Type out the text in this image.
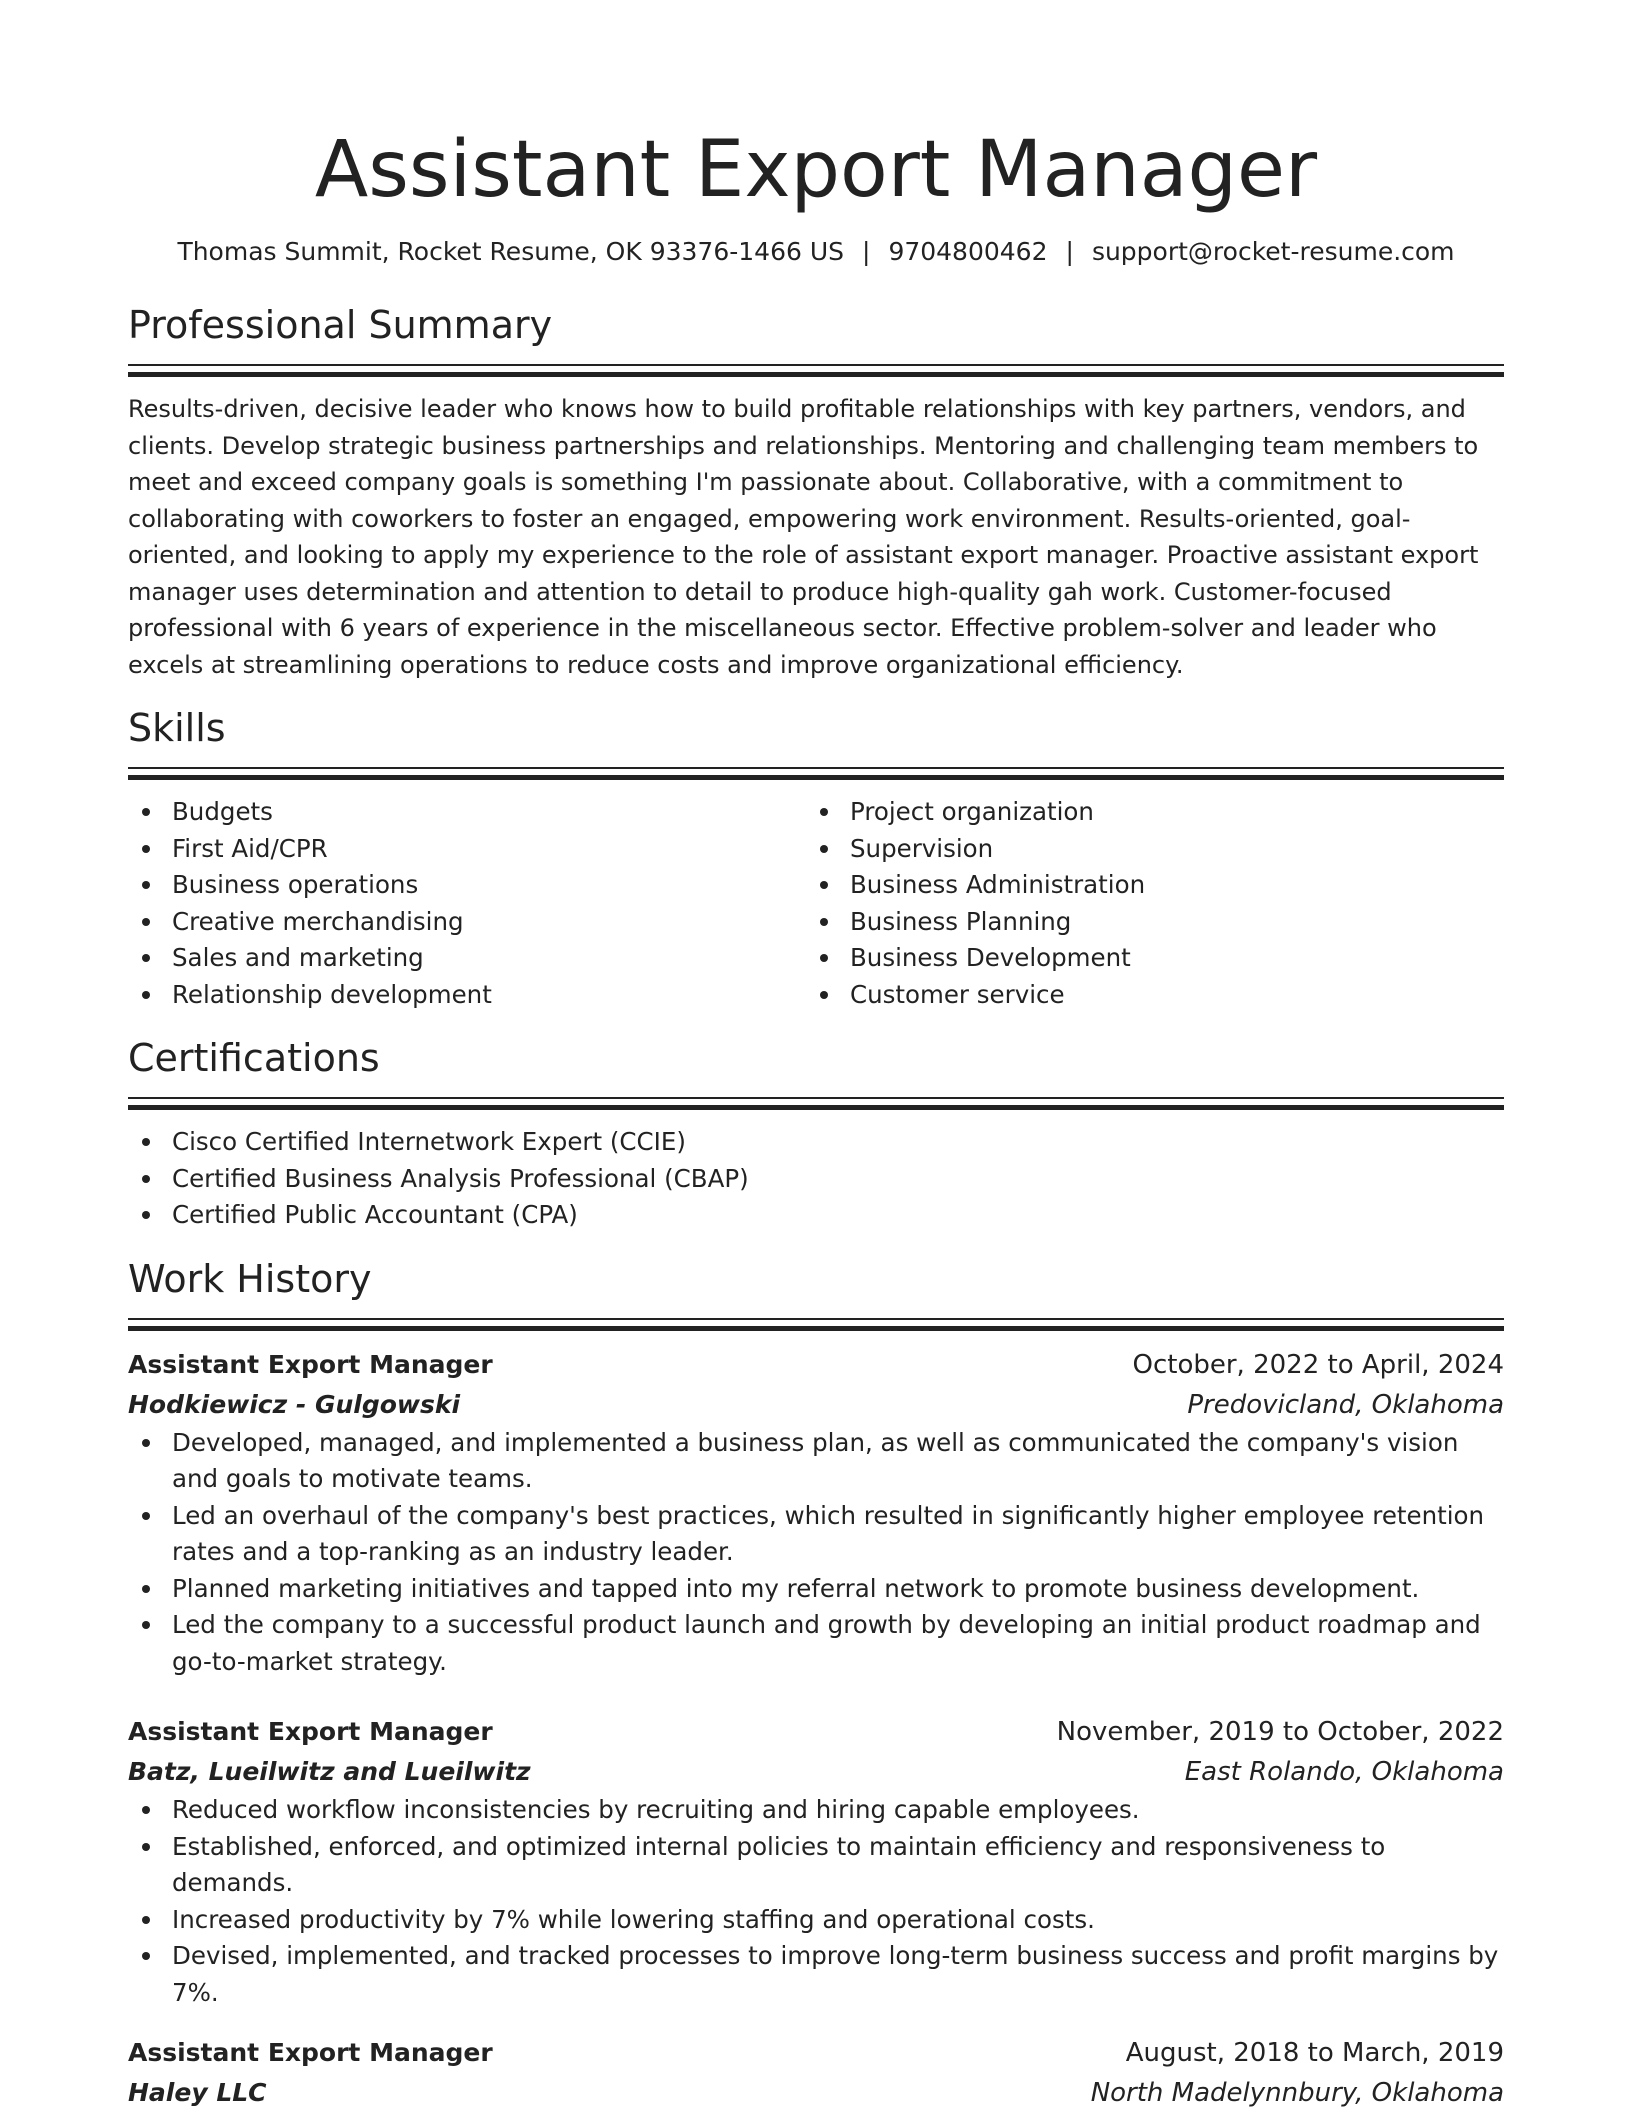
Assistant Export Manager
Thomas Summit, Rocket Resume, OK 93376-1466 US | 9704800462 | support@rocket-resume.com
Professional Summary
Results-driven, decisive leader who knows how to build profitable relationships with key partners, vendors, and clients. Develop strategic business partnerships and relationships. Mentoring and challenging team members to meet and exceed company goals is something I'm passionate about. Collaborative, with a commitment to collaborating with coworkers to foster an engaged, empowering work environment. Results-oriented, goal-oriented, and looking to apply my experience to the role of assistant export manager. Proactive assistant export manager uses determination and attention to detail to produce high-quality gah work. Customer-focused professional with 6 years of experience in the miscellaneous sector. Effective problem-solver and leader who excels at streamlining operations to reduce costs and improve organizational efficiency.
Skills
Budgets
First Aid/CPR
Business operations
Creative merchandising
Sales and marketing
Relationship development
Project organization
Supervision
Business Administration
Business Planning
Business Development
Customer service
Certifications
Cisco Certified Internetwork Expert (CCIE)
Certified Business Analysis Professional (CBAP)
Certified Public Accountant (CPA)
Work History
Assistant Export Manager	October, 2022 to April, 2024
Hodkiewicz - Gulgowski	Predovicland, Oklahoma
Developed, managed, and implemented a business plan, as well as communicated the company's vision and goals to motivate teams.
Led an overhaul of the company's best practices, which resulted in significantly higher employee retention rates and a top-ranking as an industry leader.
Planned marketing initiatives and tapped into my referral network to promote business development.
Led the company to a successful product launch and growth by developing an initial product roadmap and go-to-market strategy.
Assistant Export Manager	November, 2019 to October, 2022
Batz, Lueilwitz and Lueilwitz	East Rolando, Oklahoma
Reduced workflow inconsistencies by recruiting and hiring capable employees.
Established, enforced, and optimized internal policies to maintain efficiency and responsiveness to demands.
Increased productivity by 7% while lowering staffing and operational costs.
Devised, implemented, and tracked processes to improve long-term business success and profit margins by 7%.
Assistant Export Manager	August, 2018 to March, 2019
Haley LLC	North Madelynnbury, Oklahoma
